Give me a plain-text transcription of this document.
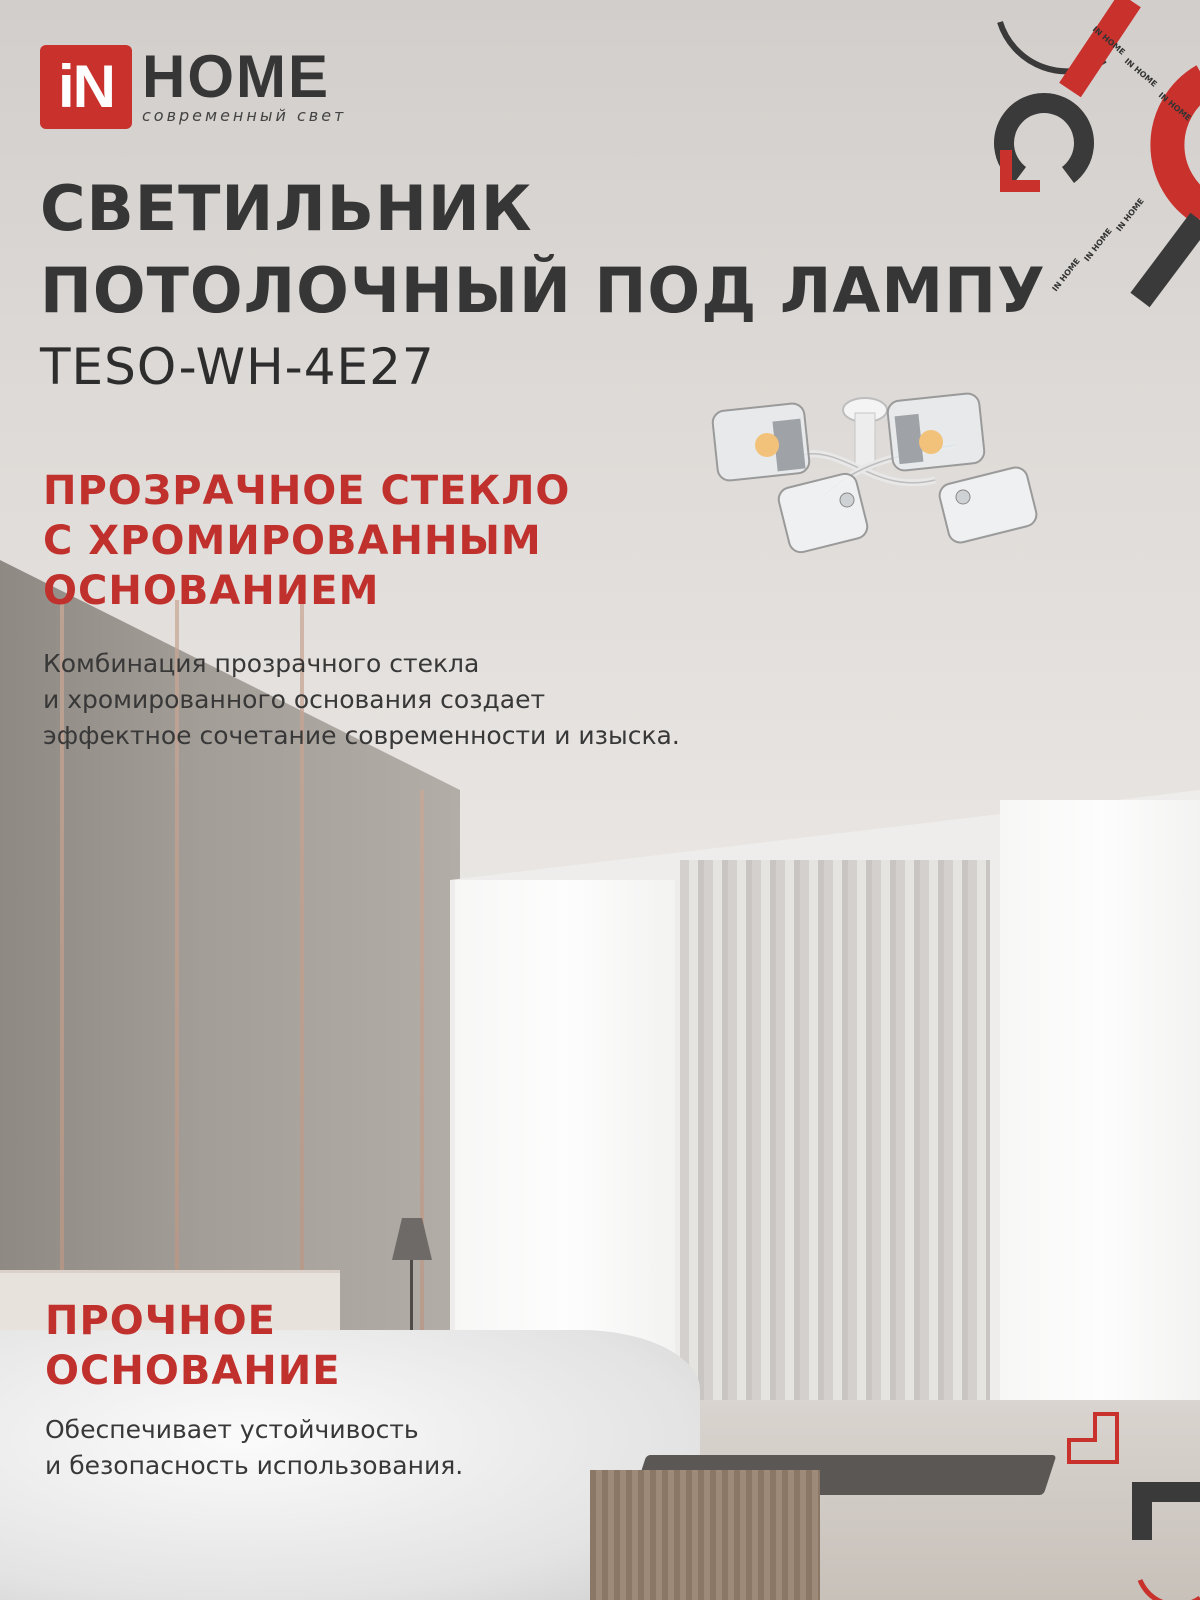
iN HOME
современный свет
IN HOME
IN HOME
IN HOME
IN HOME
IN HOME
IN HOME
СВЕТИЛЬНИК
ПОТОЛОЧНЫЙ ПОД ЛАМПУ
TESO-WH-4E27
ПРОЗРАЧНОЕ СТЕКЛО
С ХРОМИРОВАННЫМ
ОСНОВАНИЕМ

Комбинация прозрачного стекла
и хромированного основания создает
эффектное сочетание современности и изыска.

ПРОЧНОЕ
ОСНОВАНИЕ

Обеспечивает устойчивость
и безопасность использования.
